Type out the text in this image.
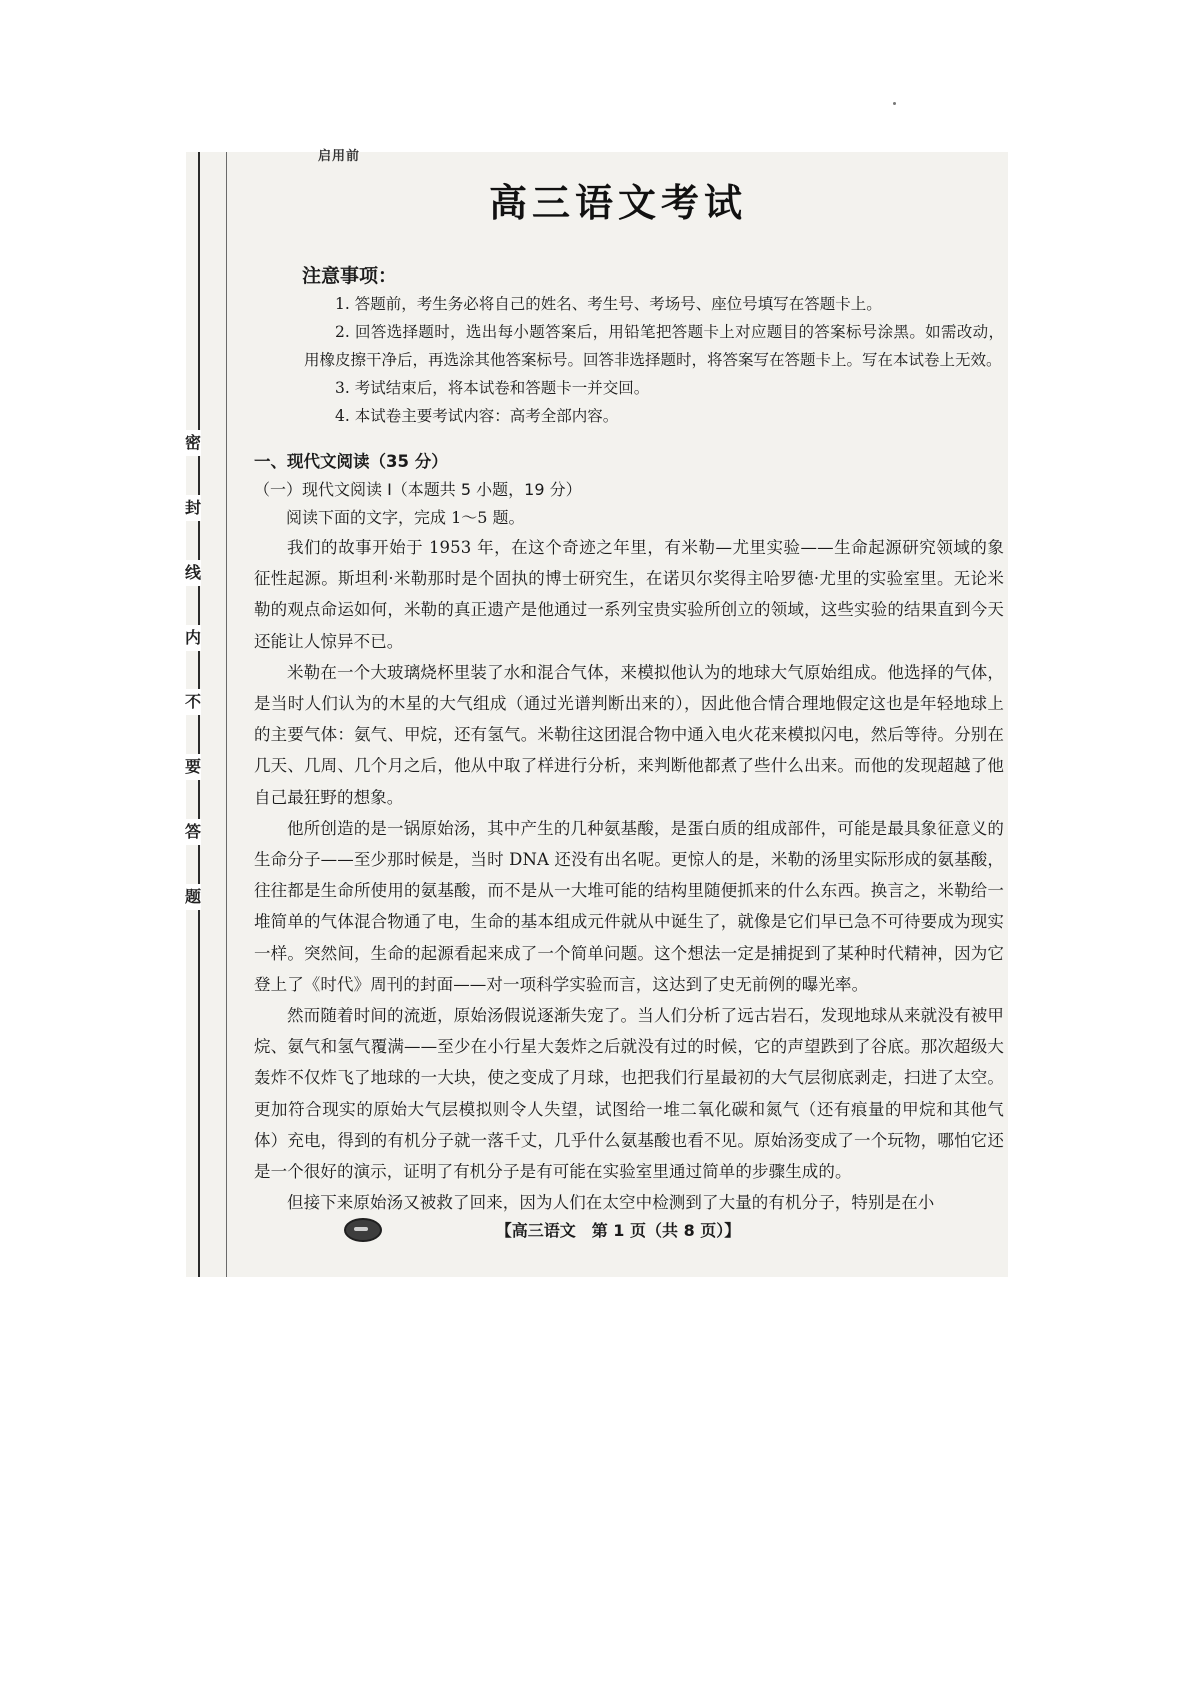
密
封
线
内
不
要
答
题
启用前
高三语文考试

注意事项：

1. 答题前，考生务必将自己的姓名、考生号、考场号、座位号填写在答题卡上。

2. 回答选择题时，选出每小题答案后，用铅笔把答题卡上对应题目的答案标号涂黑。如需改动，用橡皮擦干净后，再选涂其他答案标号。回答非选择题时，将答案写在答题卡上。写在本试卷上无效。

3. 考试结束后，将本试卷和答题卡一并交回。

4. 本试卷主要考试内容：高考全部内容。

一、现代文阅读（35 分）

（一）现代文阅读 Ⅰ（本题共 5 小题，19 分）

阅读下面的文字，完成 1～5 题。

我们的故事开始于 1953 年，在这个奇迹之年里，有米勒—尤里实验——生命起源研究领域的象征性起源。斯坦利·米勒那时是个固执的博士研究生，在诺贝尔奖得主哈罗德·尤里的实验室里。无论米勒的观点命运如何，米勒的真正遗产是他通过一系列宝贵实验所创立的领域，这些实验的结果直到今天还能让人惊异不已。

米勒在一个大玻璃烧杯里装了水和混合气体，来模拟他认为的地球大气原始组成。他选择的气体，是当时人们认为的木星的大气组成（通过光谱判断出来的），因此他合情合理地假定这也是年轻地球上的主要气体：氨气、甲烷，还有氢气。米勒往这团混合物中通入电火花来模拟闪电，然后等待。分别在几天、几周、几个月之后，他从中取了样进行分析，来判断他都煮了些什么出来。而他的发现超越了他自己最狂野的想象。

他所创造的是一锅原始汤，其中产生的几种氨基酸，是蛋白质的组成部件，可能是最具象征意义的生命分子——至少那时候是，当时 DNA 还没有出名呢。更惊人的是，米勒的汤里实际形成的氨基酸，往往都是生命所使用的氨基酸，而不是从一大堆可能的结构里随便抓来的什么东西。换言之，米勒给一堆简单的气体混合物通了电，生命的基本组成元件就从中诞生了，就像是它们早已急不可待要成为现实一样。突然间，生命的起源看起来成了一个简单问题。这个想法一定是捕捉到了某种时代精神，因为它登上了《时代》周刊的封面——对一项科学实验而言，这达到了史无前例的曝光率。

然而随着时间的流逝，原始汤假说逐渐失宠了。当人们分析了远古岩石，发现地球从来就没有被甲烷、氨气和氢气覆满——至少在小行星大轰炸之后就没有过的时候，它的声望跌到了谷底。那次超级大轰炸不仅炸飞了地球的一大块，使之变成了月球，也把我们行星最初的大气层彻底剥走，扫进了太空。更加符合现实的原始大气层模拟则令人失望，试图给一堆二氧化碳和氮气（还有痕量的甲烷和其他气体）充电，得到的有机分子就一落千丈，几乎什么氨基酸也看不见。原始汤变成了一个玩物，哪怕它还是一个很好的演示，证明了有机分子是有可能在实验室里通过简单的步骤生成的。

但接下来原始汤又被救了回来，因为人们在太空中检测到了大量的有机分子，特别是在小

【高三语文　第 1 页（共 8 页）】
